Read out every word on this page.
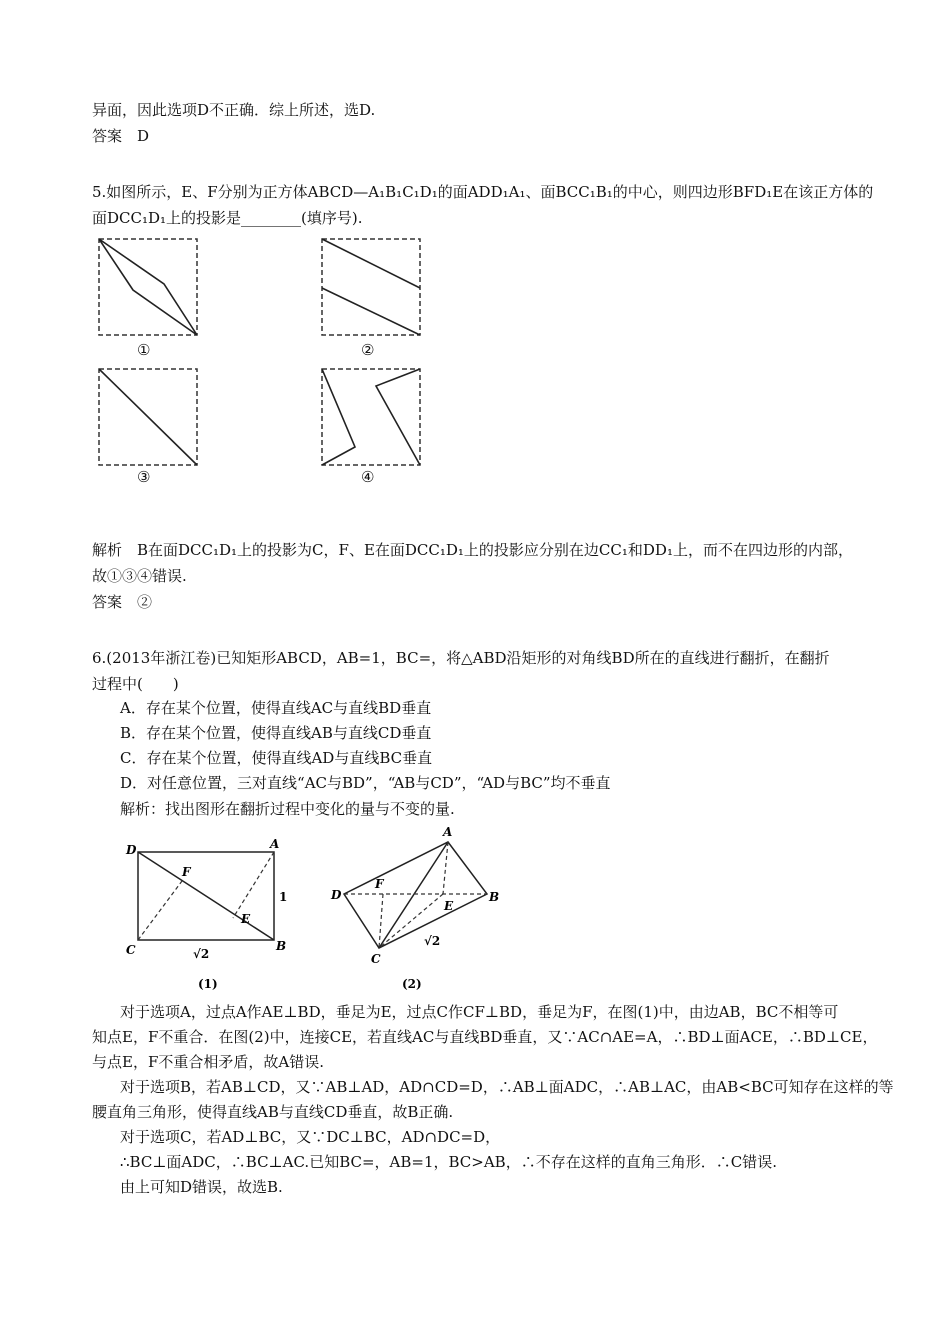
异面，因此选项D不正确．综上所述，选D.
答案　D
5.如图所示，E、F分别为正方体ABCD—A₁B₁C₁D₁的面ADD₁A₁、面BCC₁B₁的中心，则四边形BFD₁E在该正方体的
面DCC₁D₁上的投影是________(填序号).
①	②
③	④
解析　B在面DCC₁D₁上的投影为C，F、E在面DCC₁D₁上的投影应分别在边CC₁和DD₁上，而不在四边形的内部，
故①③④错误.
答案　②
6.(2013年浙江卷)已知矩形ABCD，AB=1，BC=，将△ABD沿矩形的对角线BD所在的直线进行翻折，在翻折
过程中(　　)
A．存在某个位置，使得直线AC与直线BD垂直
B．存在某个位置，使得直线AB与直线CD垂直
C．存在某个位置，使得直线AD与直线BC垂直
D．对任意位置，三对直线“AC与BD”，“AB与CD”，“AD与BC”均不垂直
解析：找出图形在翻折过程中变化的量与不变的量.
D	A
F
E
C	B
1
√2
(1)
A
D
F
E
B
C
√2
(2)
对于选项A，过点A作AE⊥BD，垂足为E，过点C作CF⊥BD，垂足为F，在图(1)中，由边AB，BC不相等可
知点E，F不重合．在图(2)中，连接CE，若直线AC与直线BD垂直，又∵AC∩AE=A，∴BD⊥面ACE，∴BD⊥CE，
与点E，F不重合相矛盾，故A错误.
对于选项B，若AB⊥CD，又∵AB⊥AD，AD∩CD=D，∴AB⊥面ADC，∴AB⊥AC，由AB<BC可知存在这样的等
腰直角三角形，使得直线AB与直线CD垂直，故B正确.
对于选项C，若AD⊥BC，又∵DC⊥BC，AD∩DC=D，
∴BC⊥面ADC，∴BC⊥AC.已知BC=，AB=1，BC>AB，∴不存在这样的直角三角形．∴C错误.
由上可知D错误，故选B.
